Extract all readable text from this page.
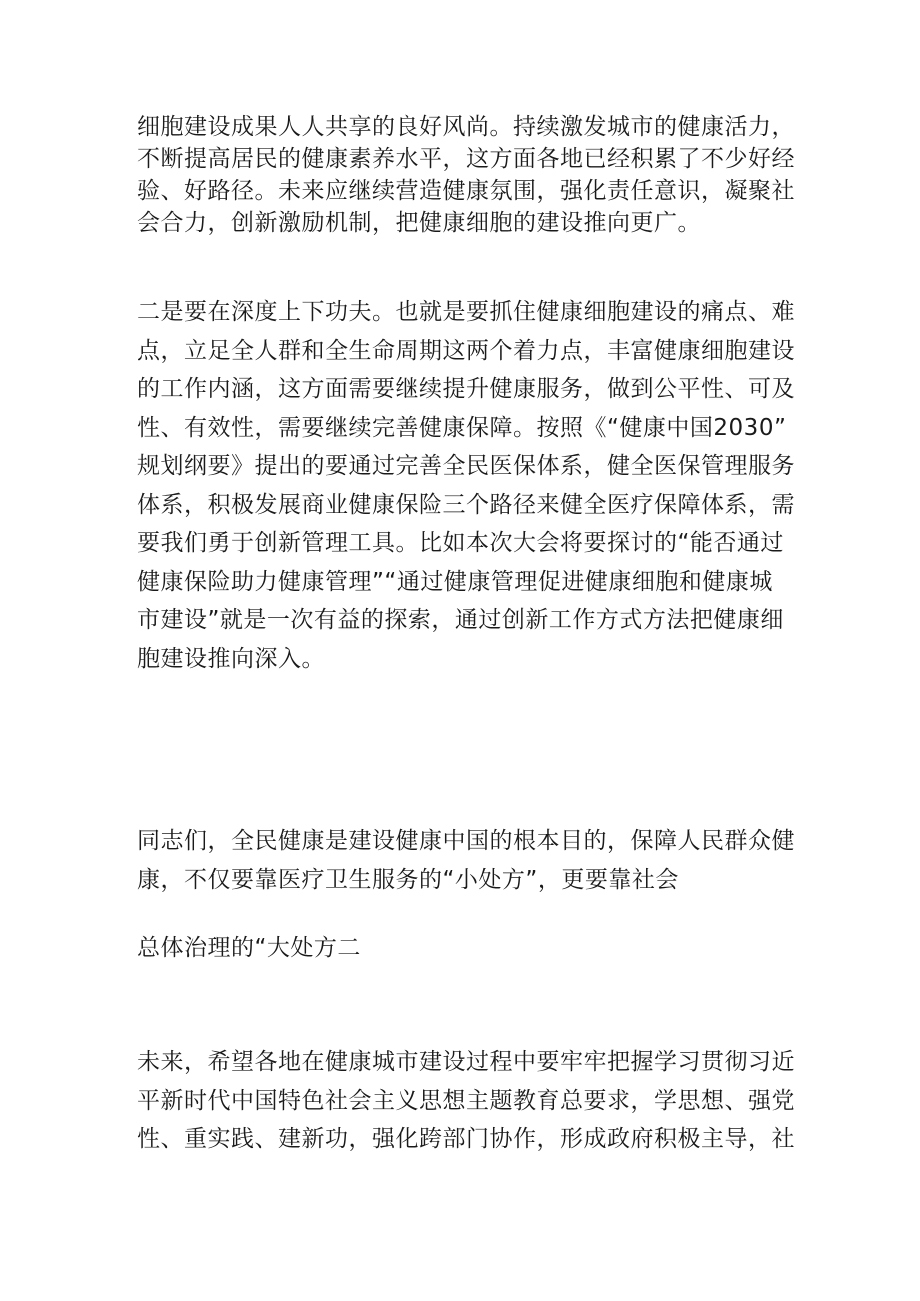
细胞建设成果人人共享的良好风尚。持续激发城市的健康活力，
不断提高居民的健康素养水平，这方面各地已经积累了不少好经
验、好路径。未来应继续营造健康氛围，强化责任意识，凝聚社
会合力，创新激励机制，把健康细胞的建设推向更广。

二是要在深度上下功夫。也就是要抓住健康细胞建设的痛点、难
点，立足全人群和全生命周期这两个着力点，丰富健康细胞建设
的工作内涵，这方面需要继续提升健康服务，做到公平性、可及
性、有效性，需要继续完善健康保障。按照《“健康中国2030”
规划纲要》提出的要通过完善全民医保体系，健全医保管理服务
体系，积极发展商业健康保险三个路径来健全医疗保障体系，需
要我们勇于创新管理工具。比如本次大会将要探讨的“能否通过
健康保险助力健康管理”“通过健康管理促进健康细胞和健康城
市建设”就是一次有益的探索，通过创新工作方式方法把健康细
胞建设推向深入。

同志们，全民健康是建设健康中国的根本目的，保障人民群众健
康，不仅要靠医疗卫生服务的“小处方”，更要靠社会

总体治理的“大处方二

未来，希望各地在健康城市建设过程中要牢牢把握学习贯彻习近
平新时代中国特色社会主义思想主题教育总要求，学思想、强党
性、重实践、建新功，强化跨部门协作，形成政府积极主导，社
